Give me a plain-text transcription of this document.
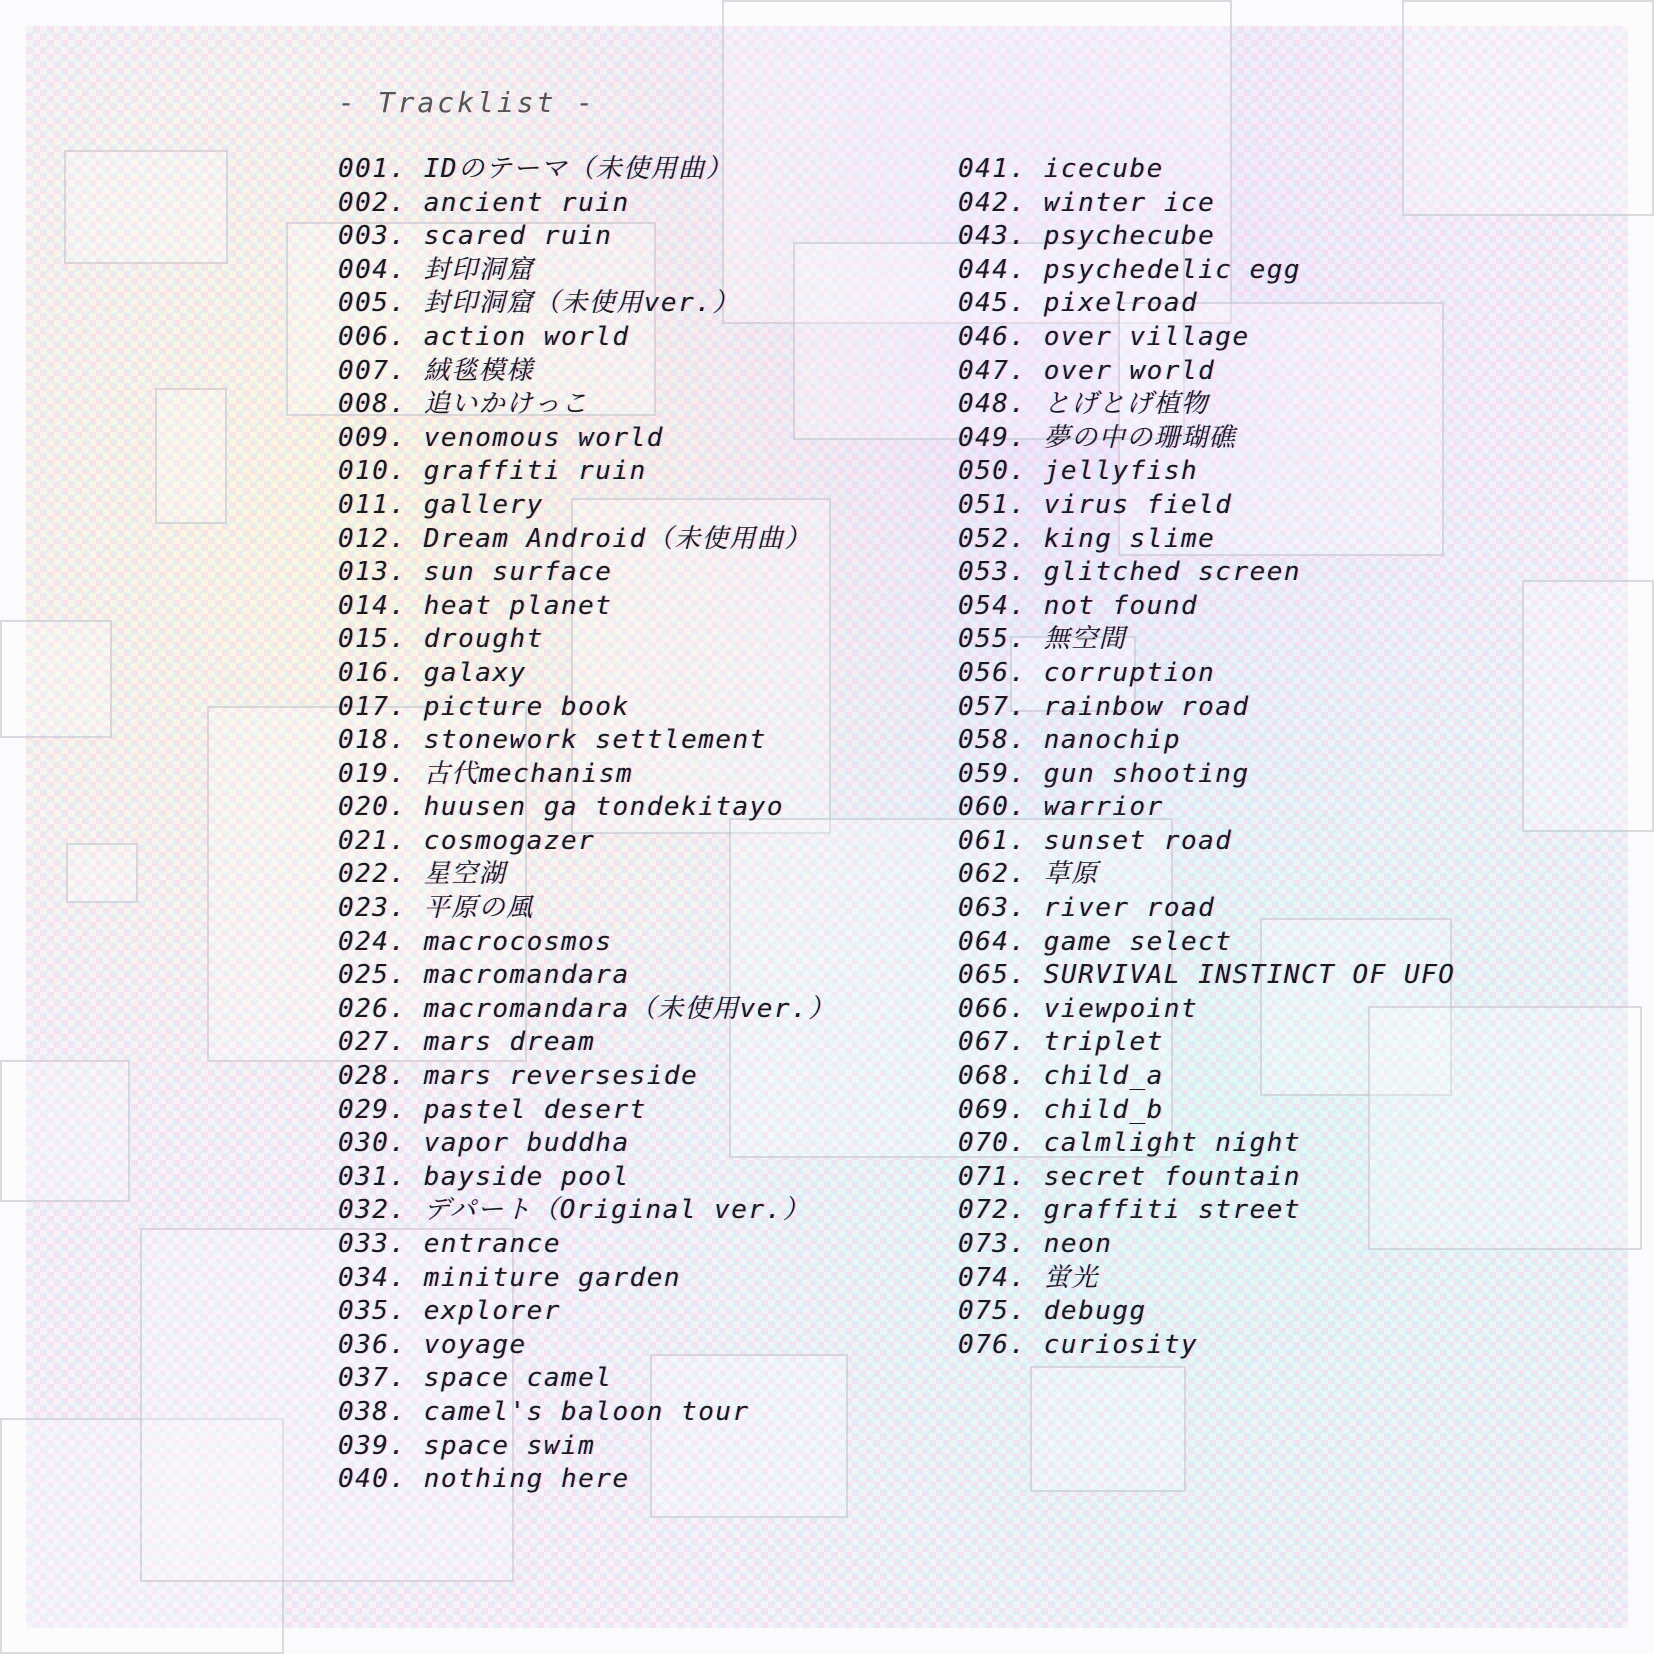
- Tracklist -
001. IDのテーマ（未使用曲）
002. ancient ruin
003. scared ruin
004. 封印洞窟
005. 封印洞窟（未使用ver.）
006. action world
007. 絨毯模様
008. 追いかけっこ
009. venomous world
010. graffiti ruin
011. gallery
012. Dream Android（未使用曲）
013. sun surface
014. heat planet
015. drought
016. galaxy
017. picture book
018. stonework settlement
019. 古代mechanism
020. huusen ga tondekitayo
021. cosmogazer
022. 星空湖
023. 平原の風
024. macrocosmos
025. macromandara
026. macromandara（未使用ver.）
027. mars dream
028. mars reverseside
029. pastel desert
030. vapor buddha
031. bayside pool
032. デパート（Original ver.）
033. entrance
034. miniture garden
035. explorer
036. voyage
037. space camel
038. camel's baloon tour
039. space swim
040. nothing here
041. icecube
042. winter ice
043. psychecube
044. psychedelic egg
045. pixelroad
046. over village
047. over world
048. とげとげ植物
049. 夢の中の珊瑚礁
050. jellyfish
051. virus field
052. king slime
053. glitched screen
054. not found
055. 無空間
056. corruption
057. rainbow road
058. nanochip
059. gun shooting
060. warrior
061. sunset road
062. 草原
063. river road
064. game select
065. SURVIVAL INSTINCT OF UFO
066. viewpoint
067. triplet
068. child_a
069. child_b
070. calmlight night
071. secret fountain
072. graffiti street
073. neon
074. 蛍光
075. debugg
076. curiosity
